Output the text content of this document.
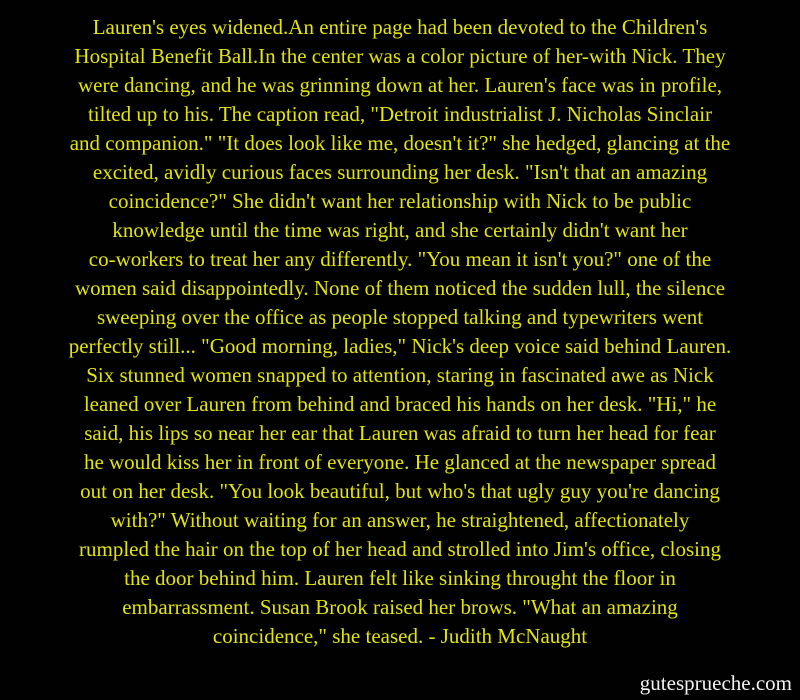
Lauren's eyes widened.An entire page had been devoted to the Children's
Hospital Benefit Ball.In the center was a color picture of her-with Nick. They
were dancing, and he was grinning down at her. Lauren's face was in profile,
tilted up to his. The caption read, "Detroit industrialist J. Nicholas Sinclair
and companion." "It does look like me, doesn't it?" she hedged, glancing at the
excited, avidly curious faces surrounding her desk. "Isn't that an amazing
coincidence?" She didn't want her relationship with Nick to be public
knowledge until the time was right, and she certainly didn't want her
co-workers to treat her any differently. "You mean it isn't you?" one of the
women said disappointedly. None of them noticed the sudden lull, the silence
sweeping over the office as people stopped talking and typewriters went
perfectly still... "Good morning, ladies," Nick's deep voice said behind Lauren.
Six stunned women snapped to attention, staring in fascinated awe as Nick
leaned over Lauren from behind and braced his hands on her desk. "Hi," he
said, his lips so near her ear that Lauren was afraid to turn her head for fear
he would kiss her in front of everyone. He glanced at the newspaper spread
out on her desk. "You look beautiful, but who's that ugly guy you're dancing
with?" Without waiting for an answer, he straightened, affectionately
rumpled the hair on the top of her head and strolled into Jim's office, closing
the door behind him. Lauren felt like sinking throught the floor in
embarrassment. Susan Brook raised her brows. "What an amazing
coincidence," she teased. - Judith McNaught
gutesprueche.com
